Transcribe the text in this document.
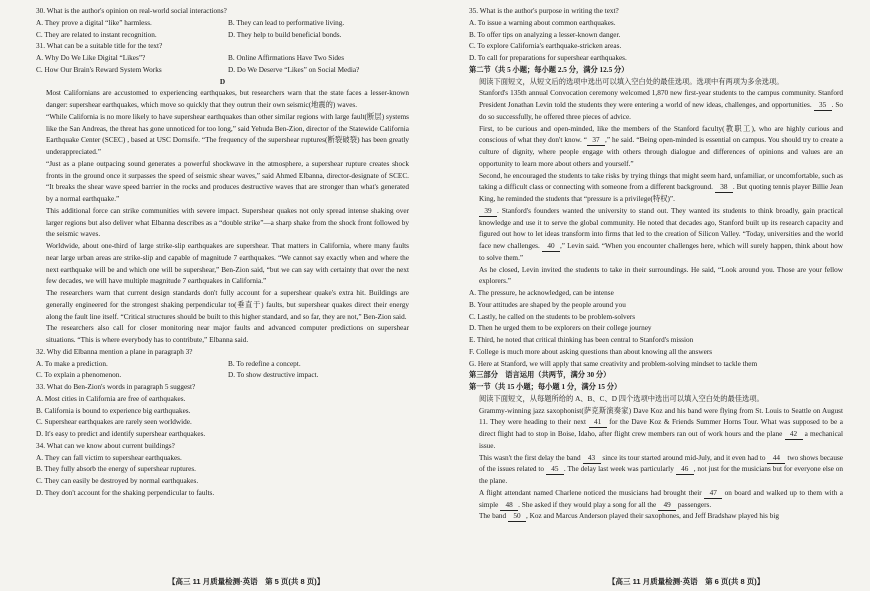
30. What is the author's opinion on real-world social interactions?
A. They prove a digital “like” harmless.	B. They can lead to performative living.
C. They are related to instant recognition.	D. They help to build beneficial bonds.
31. What can be a suitable title for the text?
A. Why Do We Like Digital “Likes”?	B. Online Affirmations Have Two Sides
C. How Our Brain's Reward System Works	D. Do We Deserve “Likes” on Social Media?
D
Most Californians are accustomed to experiencing earthquakes, but researchers warn that the state faces a lesser-known danger: supershear earthquakes, which move so quickly that they outrun their own seismic(地震的) waves.
“While California is no more likely to have supershear earthquakes than other similar regions with large fault(断层) systems like the San Andreas, the threat has gone unnoticed for too long,” said Yehuda Ben-Zion, director of the Statewide California Earthquake Center (SCEC) , based at USC Dornsife. “The frequency of the supershear ruptures(断裂破裂) has been greatly underappreciated.”
“Just as a plane outpacing sound generates a powerful shockwave in the atmosphere, a supershear rupture creates shock fronts in the ground once it surpasses the speed of seismic shear waves,” said Ahmed Elbanna, director-designate of SCEC. “It breaks the shear wave speed barrier in the rocks and produces destructive waves that are stronger than what's generated by a normal earthquake.”
This additional force can strike communities with severe impact. Supershear quakes not only spread intense shaking over larger regions but also deliver what Elbanna describes as a “double strike”—a sharp shake from the shock front followed by the seismic waves.
Worldwide, about one-third of large strike-slip earthquakes are supershear. That matters in California, where many faults near large urban areas are strike-slip and capable of magnitude 7 earthquakes. “We cannot say exactly when and where the next earthquake will be and which one will be supershear,” Ben-Zion said, “but we can say with certainty that over the next few decades, we will have multiple magnitude 7 earthquakes in California.”
The researchers warn that current design standards don't fully account for a supershear quake's extra hit. Buildings are generally engineered for the strongest shaking perpendicular to(垂直于) faults, but supershear quakes direct their energy along the fault line itself. “Critical structures should be built to this higher standard, and so far, they are not,” Ben-Zion said.
The researchers also call for closer monitoring near major faults and advanced computer predictions on supershear situations. “This is where everybody has to contribute,” Elbanna said.
32. Why did Elbanna mention a plane in paragraph 3?
A. To make a prediction.	B. To redefine a concept.
C. To explain a phenomenon.	D. To show destructive impact.
33. What do Ben-Zion's words in paragraph 5 suggest?
A. Most cities in California are free of earthquakes.
B. California is bound to experience big earthquakes.
C. Supershear earthquakes are rarely seen worldwide.
D. It's easy to predict and identify supershear earthquakes.
34. What can we know about current buildings?
A. They can fall victim to supershear earthquakes.
B. They fully absorb the energy of supershear ruptures.
C. They can easily be destroyed by normal earthquakes.
D. They don't account for the shaking perpendicular to faults.
35. What is the author's purpose in writing the text?
A. To issue a warning about common earthquakes.
B. To offer tips on analyzing a lesser-known danger.
C. To explore California's earthquake-stricken areas.
D. To call for preparations for supershear earthquakes.
第二节（共 5 小题；每小题 2.5 分，满分 12.5 分）
阅读下面短文，从短文后的选项中选出可以填入空白处的最佳选项。选项中有两项为多余选项。
Stanford's 135th annual Convocation ceremony welcomed 1,870 new first-year students to the campus community. Stanford President Jonathan Levin told the students they were entering a world of new ideas, challenges, and opportunities. 35 . So do so successfully, he offered three pieces of advice.
First, to be curious and open-minded, like the members of the Stanford faculty(教职工), who are highly curious and conscious of what they don't know. “ 37 ,” he said. “Being open-minded is essential on campus. You should try to create a culture of dignity, where people engage with others through dialogue and differences of opinions and values are an opportunity to learn more about others and yourself.”
Second, he encouraged the students to take risks by trying things that might seem hard, unfamiliar, or uncomfortable, such as taking a difficult class or connecting with someone from a different background. 38 . But quoting tennis player Billie Jean King, he reminded the students that “pressure is a privilege(特权)”.
39 . Stanford's founders wanted the university to stand out. They wanted its students to think broadly, gain practical knowledge and use it to serve the global community. He noted that decades ago, Stanford built up its research capacity and figured out how to let ideas transform into firms that led to the creation of Silicon Valley. “Today, universities and the world face new challenges. 40 ,” Levin said. “When you encounter challenges here, which will surely happen, think about how to solve them.”
As he closed, Levin invited the students to take in their surroundings. He said, “Look around you. Those are your fellow explorers.”
A. The pressure, he acknowledged, can be intense
B. Your attitudes are shaped by the people around you
C. Lastly, he called on the students to be problem-solvers
D. Then he urged them to be explorers on their college journey
E. Third, he noted that critical thinking has been central to Stanford's mission
F. College is much more about asking questions than about knowing all the answers
G. Here at Stanford, we will apply that same creativity and problem-solving mindset to tackle them
第三部分　语言运用（共两节，满分 30 分）
第一节（共 15 小题；每小题 1 分，满分 15 分）
阅读下面短文，从每题所给的 A、B、C、D 四个选项中选出可以填入空白处的最佳选项。
Grammy-winning jazz saxophonist(萨克斯演奏家) Dave Koz and his band were flying from St. Louis to Seattle on August 11. They were heading to their next 41 for the Dave Koz & Friends Summer Horns Tour. What was supposed to be a direct flight had to stop in Boise, Idaho, after flight crew members ran out of work hours and the plane 42 a mechanical issue.
This wasn't the first delay the band 43 since its tour started around mid-July, and it even had to 44 two shows because of the issues related to 45 . The delay last week was particularly 46 , not just for the musicians but for everyone else on the plane.
A flight attendant named Charlene noticed the musicians had brought their 47 on board and walked up to them with a simple 48 . She asked if they would play a song for all the 49 passengers.
The band 50 , Koz and Marcus Anderson played their saxophones, and Jeff Bradshaw played his big
【高三 11 月质量检测·英语　第 5 页(共 8 页)】	【高三 11 月质量检测·英语　第 6 页(共 8 页)】
